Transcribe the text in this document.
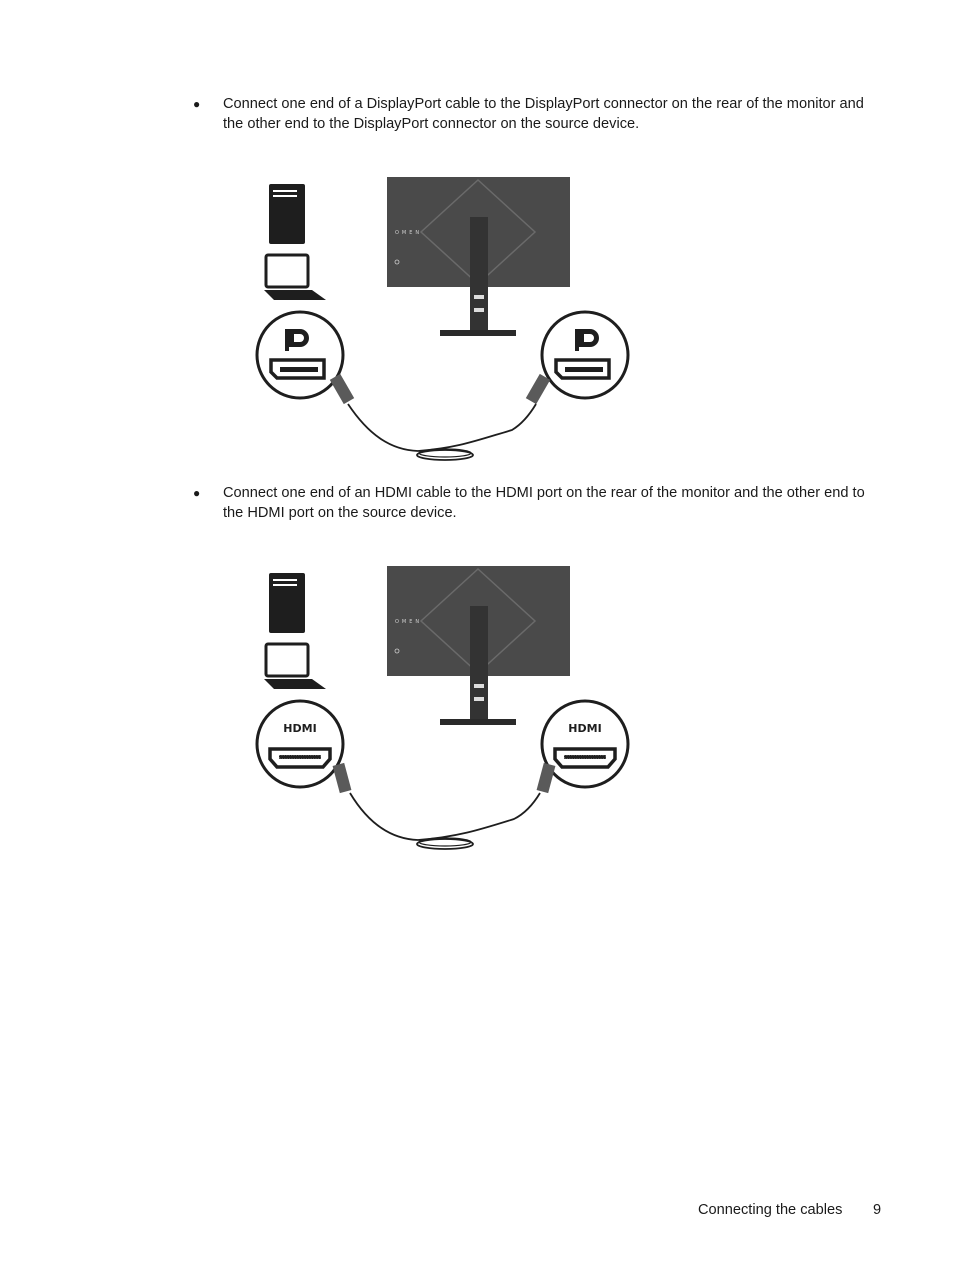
●	Connect one end of a DisplayPort cable to the DisplayPort connector on the rear of the monitor and the other end to the DisplayPort connector on the source device.
OMEN
●	Connect one end of an HDMI cable to the HDMI port on the rear of the monitor and the other end to the HDMI port on the source device.
OMEN
HDMI	HDMI
Connecting the cables 9
